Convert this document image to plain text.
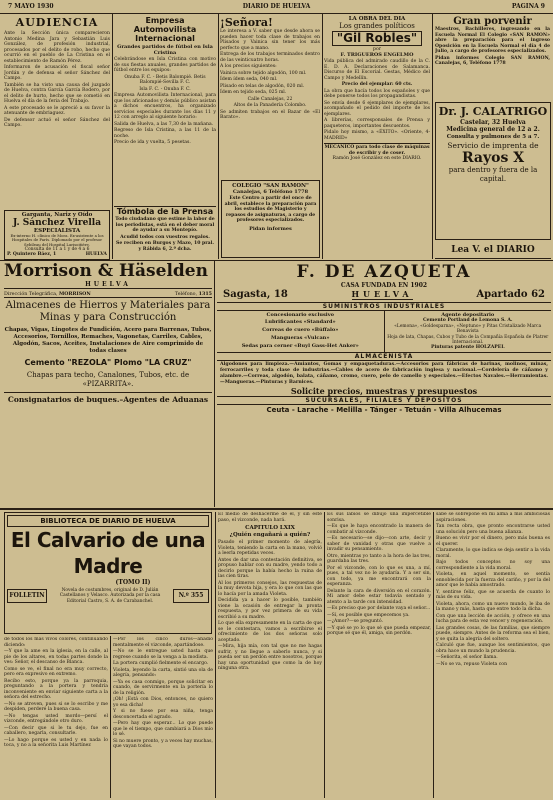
7 MAYO 1930	DIARIO DE HUELVA	PAGINA 9
AUDIENCIA

Ante la Sección única comparecieron Antonio Medina Jara y Sebastián Luis González, de profesión industrial, procesados por el delito de robo, hecho que ocurrió en el pueblo de La Cristina en el establecimiento de Ramón Pérez.

Informaron de acusación el fiscal señor Jordán y de defensa el señor Sánchez del Campo.

También se ha visto una causa del juzgado de Huelva, contra García García Rodero, por el delito de hurto, hecho que se cometió en Huelva el día de la feria del Trabajo.

A este procesado se le apreció a su favor la atenuante de embriaguez.

De defensor actuó el señor Sánchez del Campo.

Garganta, Nariz y Oído
J. Sánchez Virella
ESPECIALISTA
Ex-interno H. clínico de Mora. Ex-asistente a los Hospitales de París. Diplomado por el profesor Sebileau del Hospital Larisoitière.
Consulta de 11 a 1 y de 4 a 6
P. Quintero Báez, 1	HUELVA
Empresa Automovilista Internacional
Grandes partidos de fútbol en Isla Cristina

Celebrándose en Isla Cristina con motivo de sus fiestas anuales, grandes partidos de fútbol entre los equipos:

Onuba F. C. - Betis Balompié. Betis Balompié-Sevilla F. C.

Isla F. C. - Onuba F. C.

Empresa Automovilista Internacional, para que los aficionados y demás público asistan a dichos encuentros, ha organizado servicios especiales durante los días 11 y 12 con arreglo al siguiente horario:

Salida de Huelva, a las 7,30 de la mañana.

Regreso de Isla Cristina, a las 11 de la noche.

Precio de ida y vuelta, 5 pesetas.

Tómbola de la Prensa

Todo ciudadano que estime la labor de los periodistas, está en el deber moral de ayudar a su Montepío.

Acudid todos con vuestros regalos.

Se reciben en Burgos y Mazo, 10 pral. y Rábida 6, 2.º dcha.

¡Señora!

Le interesa a V. saber que desde ahora se pueden hacer toda clase de trabajos en Plisados y Vainica sin tener los más perfecto que a mano.

Entrega de los trabajos terminados dentro de las veinticuatro horas.

A los precios siguientes:

Vainica sobre tejido algodón, 100 ml.

Ídem ídem seda, 040 ml.

Plisado en telas de algodón, 020 ml.

Ídem en tejido seda, 025 ml.

Calle Canalejas, 22

Altos de la Panadería Colombo.

Se admiten trabajos en el Bazar de «El Barato».

COLEGIO "SAN RAMON"
Canalejas, 6 Teléfono 1778
Este Centro a partir del once de abril, establece la preparación para los estudios de Magisterio y repasos de asignaturas, a cargo de profesores especializados.
Pidan informes
LA OBRA DEL DIA
Los grandes políticos
"Gil Robles"
por
F. TRIGUEROS ENGELMO

Vida pública del admirado caudillo de la C. E. D. A. Declaraciones de Salamanca. Discurso de El Escorial. Gestas, Médico del Campo y Medellín.

Precio del ejemplar: 60 cts.

La obra que hacía todos los españoles y que debe ponerse todos los propagandistas.

Se envía desde 6 ejemplares de ejemplares, acompañado el pedido del importe de los ejemplares.

A librerías, corresponsales de Prensa y paqueteros, importantes descuentos.

Pidalo hoy mismo, a «ÉXITO». «Oriente, 4-MADRID»

MECANICO para todo clase de máquinas de escribir y de coser.
Ramón José González en este DIARIO.
Gran porvenir
Maestros, Bachilleres, ingresando en la Escuela Normal El Colegio «SAN RAMON» abre la preparación para el ingreso Oposición en la Escuela Normal el día 4 de Julio, a cargo de profesores especializados.
Pidan informes Colegio SAN RAMON, Canalejas, 6, Teléfono 1778
Dr. J. CALATRIGO
Castelar, 32 Huelva
Medicina general de 12 a 2.
Consulta y pulmones de 5 a 7.
Servicio de imprenta de
Rayos X
para dentro y fuera de la capital.
Lea V. el DIARIO
Morrison & Häselden
HUELVA
Dirección Telegráfica, MORRISON	Teléfono, 1315
Almacenes de Hierros y Materiales para Minas y para Construcción
Chapas, Vigas, Lingotes de Fundición, Acero para Barrenas, Tubos, Accesorios, Tornillos, Remaches, Vagonetas, Carriles, Cables, Algodón, Sacos, Aceites, Instalaciones de Aire comprimido de todas clases
Cemento "REZOLA" Plomo "LA CRUZ"
Chapas para techo, Canalones, Tubos, etc. de «PIZARRITA».
Consignatarios de buques.–Agentes de Aduanas
F. DE AZQUETA
CASA FUNDADA EN 1902
Sagasta, 18	HUELVA	Apartado 62
SUMINISTROS INDUSTRIALES
Concesionario exclusivo
Lubrificantes «Standard»
Correas de cuero «Búffalo»
Mangueras «Vulcan»
Sedas para cerner «Buyl Gass-Het Anker»
Agente depositario
Cemento Portland de Lemona S. A.
«Lemona», «Goldesparna», «Neptuno» y Pitas Cristalizado Marca Benavista
Hoja de lata, Chapas, Cubos y Tubo de la Compañía Española de Platrer Internacional.
Pinturas patente HOLZAPEL
ALMACENISTA
Algodones para limpieza.—Amiantos, Gomas y empaquetaduras.—Accesorios para fábricas de harinas, molinos, minas, ferrocarriles y toda clase de industrias.—Cables de acero de fabricación inglesa y nacional.—Cordelería de cáñamo y alambre.—Correas, algodón, balata, cáñamo, cromo, cuero, pelo de camello y especiales.—Efectos Navales.—Herramientas.—Mangueras.—Pinturas y Barnices.
Solicite precios, muestras y presupuestos
SUCURSALES, FILIALES Y DEPOSITOS
Ceuta - Larache - Melilla - Tánger - Tetuán - Villa Alhucemas
BIBLIOTECA DE DIARIO DE HUELVA
El Calvario de una Madre
(TOMO II)
FOLLETIN
Novela de costumbres, original de D. Julián Castellanos y Velasco. Autorizada por la casa Editorial Castro, S. A. de Carabanchel.
N.º 355

de todos los más vivos colores, continuando diciendo:

—Y que la ame en la iglesia, en la calle, al pie de los altares, en todas partes donde la ves: Señor, el descanso de Blanca.

Como se ve, el final no era muy correcto, pero era expresivo en extremo.

Recibo esto, porque ya la parroquia, preguntando a la portera y tendría inconveniente en enviar siguiente carta a la señora del estrecho.

—No se atreven, pues si se lo escribo y me despiden, perderé la buena casa.

—No tengas usted mordo—persí el vizconde, entregándole otro duro.

—Con decir que si le tu dejo, fue en caballero, negarla, consultarle.

—Lo hago porque es usted y en nada lo toca, y no a la señorita Luis Martínez

—Por los cinco duros—añadió mentalmente el vizconde, apartándose.

—No se le entregue usted hasta que regrese cuando se la venga a la modista.

La portera cumplió fielmente el encargo.

Violeta, leyendo la carta, sintió una ola de alegría, pensando:

—Ya es casa conmigo, porque solicitar en cuando, de servirmente en la portería lo de la religión.

¡Oh! ¡Está con Dios, entonces, no quiero yo esa dicha!

Y si no fuese por esa niña, tenga desconcertada el agrado.

—Pero hay que esperar... Lo que puede que le el tiempo, que cambiará a Dios mío lo sé.

Si no muere pronto, y a veces hay muchas, que vayan todos.

El medio de deshacerme de él, y sin este paso, el vizconde, nada hará.

CAPITULO LXIX
¿Quién engañará a quién?

Pasado el primer momento de alegría, Violeta, teniendo la carta en la mano, volvió a leerla repetidas veces.

Antes de dar una contestación definitiva, se propuso hablar con su madre, yendo todo a decirlo porque la había hecho la ruina de las cien tiras.

Al los primeros consejos, las respuestas de la muy devota hija, y era lo que con las que lo hacía por la amada Violeta.

Decidida ya a hacer lo posible, también viene la ocasión de entregar la pronta respuesta, y por vez primera de su vida escribió a su madre.

Lo que ella expresamente en la carta de que se le contestara, vamos a escribirse el ofrecimiento de los dos señoras solo aceptado.

—Mira, hija mía, con tal que no me hagas sufrir, y no llegue a saberlo nunca, y si pueda ser un perdón entre nosotros, porque hay una oportunidad que como la de hoy ninguna otra.

Es sus labios se dibujó una impercetible sonrisa.

—Es que le haya encontrado la manera de combatir al vizconde.

—Es necesario—se dijo—con arte, decir y saber de vanidad y otras que vuelve a invadir su pensamiento.

Otro, mientras yo tanto a la hora de las tres, guardaba las tres.

Por el vizconde, con lo que es una, a mí, pues, a tal vez no le ayudaría. Y a ser sin, con todo, ya me encontrará con la esperanza.

Delante la cara de diversión en el corazón. Mi amor debe estar todavía sentado y atento a la tarde con intensidad.

—Es preciso que por delante vaya el señor...

—Sí, es posible que empecemos ya.

—¿Amor?—se preguntó.

—Y qué se yo lo que sé que pueda empezar, porque sé que él, amiga, sin perdón.

sabe se sobrepone en mí alma a mis ambiciosas aspiraciones.

Tan recta obra, que pronto encontrarse usted una solución pero una buena alianza.

Bueno es vivir por el dinero, pero más buena es el querer.

Claramente, lo que indica se deja sentir a la vida moral.

Bajo todos conceptos no soy una correspondiente a la vida moral.

Violeta, en aquel momento, se sentía ennoblecida por la fuerza del cariño, y por la del amor que le había amostrado.

Y, sentirse feliz, que se acuerda de cuanto lo más de su vida.

Violeta, ahora, como un nuevo mundo, le iba de la mano y más, hasta que entre todo la dicha.

Con que una lección de acción, y ofrece en una lucha para de esta vez vencer y regeneración.

Las grandes cosas, de las familias, que siempre puede, siempre. Antes de la reforma sea el bien, y se quita la alegría del soltero.

Calculó que fue, aunque los sentimientos, que obra hace un mundo la prudencia.

—Señorita, el señor llama.

—No se va, repuso Violeta con
